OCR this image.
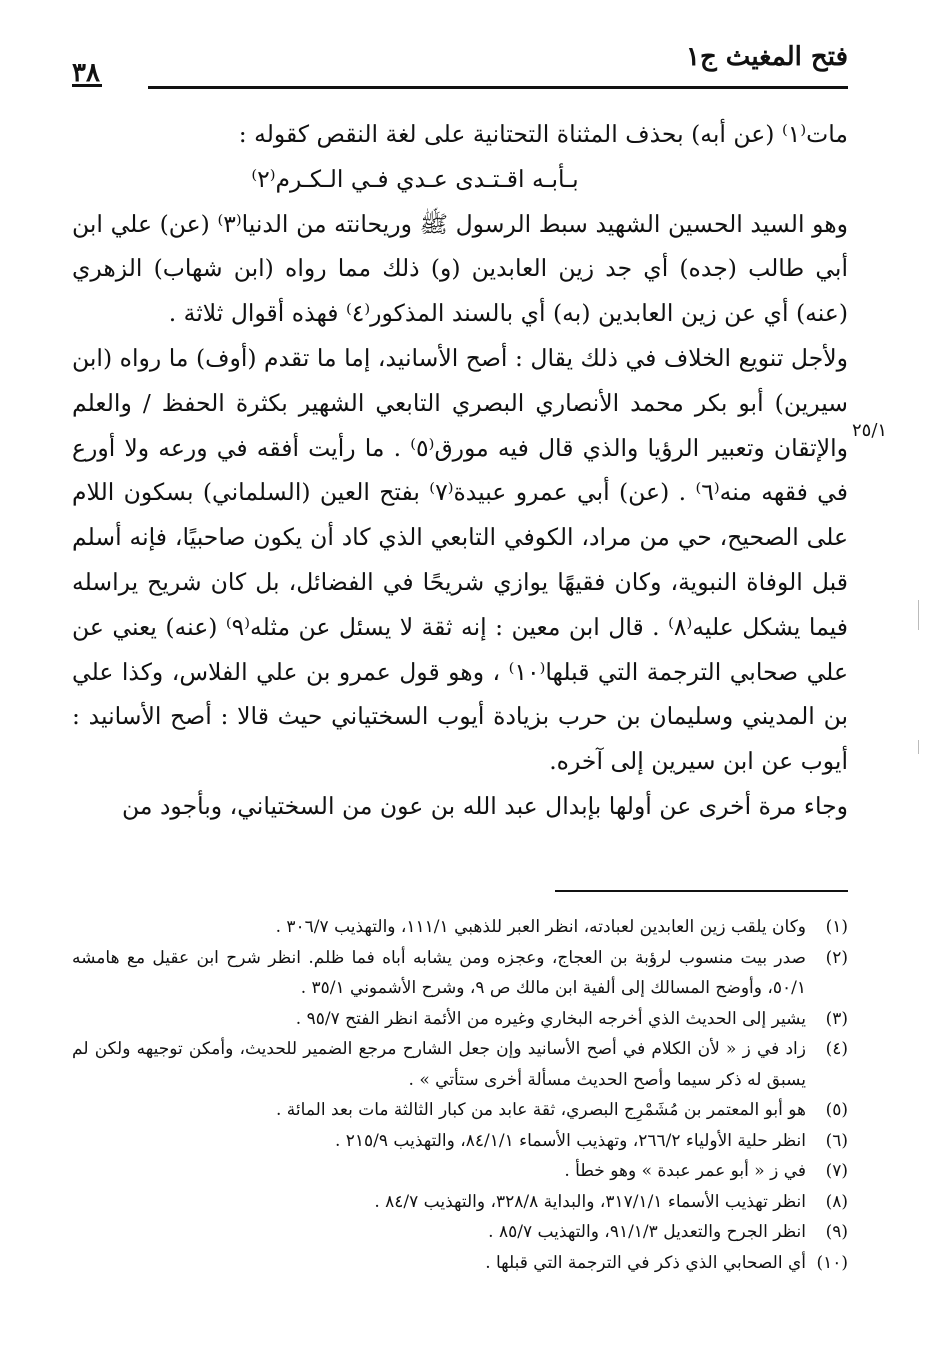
فتح المغيث ج١
٣٨
٢٥/١

مات⁽١⁾ (عن أبه) بحذف المثناة التحتانية على لغة النقص كقوله :

بـأبـه اقـتـدى عـدي فـي الـكـرم⁽٢⁾

وهو السيد الحسين الشهيد سبط الرسول ﷺ وريحانته من الدنيا⁽٣⁾ (عن) علي ابن أبي طالب (جده) أي جد زين العابدين (و) ذلك مما رواه (ابن شهاب) الزهري (عنه) أي عن زين العابدين (به) أي بالسند المذكور⁽٤⁾ فهذه أقوال ثلاثة .

ولأجل تنويع الخلاف في ذلك يقال : أصح الأسانيد، إما ما تقدم (أوف) ما رواه (ابن سيرين) أبو بكر محمد الأنصاري البصري التابعي الشهير بكثرة الحفظ / والعلم والإتقان وتعبير الرؤيا والذي قال فيه مورق⁽٥⁾ . ما رأيت أفقه في ورعه ولا أورع في فقهه منه⁽٦⁾ . (عن) أبي عمرو عبيدة⁽٧⁾ بفتح العين (السلماني) بسكون اللام على الصحيح، حي من مراد، الكوفي التابعي الذي كاد أن يكون صاحبيًا، فإنه أسلم قبل الوفاة النبوية، وكان فقيهًا يوازي شريحًا في الفضائل، بل كان شريح يراسله فيما يشكل عليه⁽٨⁾ . قال ابن معين : إنه ثقة لا يسئل عن مثله⁽٩⁾ (عنه) يعني عن علي صحابي الترجمة التي قبلها⁽١٠⁾ ، وهو قول عمرو بن علي الفلاس، وكذا علي بن المديني وسليمان بن حرب بزيادة أيوب السختياني حيث قالا : أصح الأسانيد : أيوب عن ابن سيرين إلى آخره.

وجاء مرة أخرى عن أولها بإبدال عبد الله بن عون من السختياني، وبأجود من

(١)وكان يلقب زين العابدين لعبادته، انظر العبر للذهبي ١١١/١، والتهذيب ٣٠٦/٧ .

(٢)صدر بيت منسوب لرؤبة بن العجاج، وعجزه ومن يشابه أباه فما ظلم. انظر شرح ابن عقيل مع هامشه ٥٠/١، وأوضح المسالك إلى ألفية ابن مالك ص ٩، وشرح الأشموني ٣٥/١ .

(٣)يشير إلى الحديث الذي أخرجه البخاري وغيره من الأئمة انظر الفتح ٩٥/٧ .

(٤)زاد في ز « لأن الكلام في أصح الأسانيد وإن جعل الشارح مرجع الضمير للحديث، وأمكن توجيهه ولكن لم يسبق له ذكر سيما وأصح الحديث مسألة أخرى ستأتي » .

(٥)هو أبو المعتمر بن مُشَمْرِج البصري، ثقة عابد من كبار الثالثة مات بعد المائة .

(٦)انظر حلية الأولياء ٢٦٦/٢، وتهذيب الأسماء ٨٤/١/١، والتهذيب ٢١٥/٩ .

(٧)في ز « أبو عمر عبدة » وهو خطأ .

(٨)انظر تهذيب الأسماء ٣١٧/١/١، والبداية ٣٢٨/٨، والتهذيب ٨٤/٧ .

(٩)انظر الجرح والتعديل ٩١/١/٣، والتهذيب ٨٥/٧ .

(١٠)أي الصحابي الذي ذكر في الترجمة التي قبلها .
